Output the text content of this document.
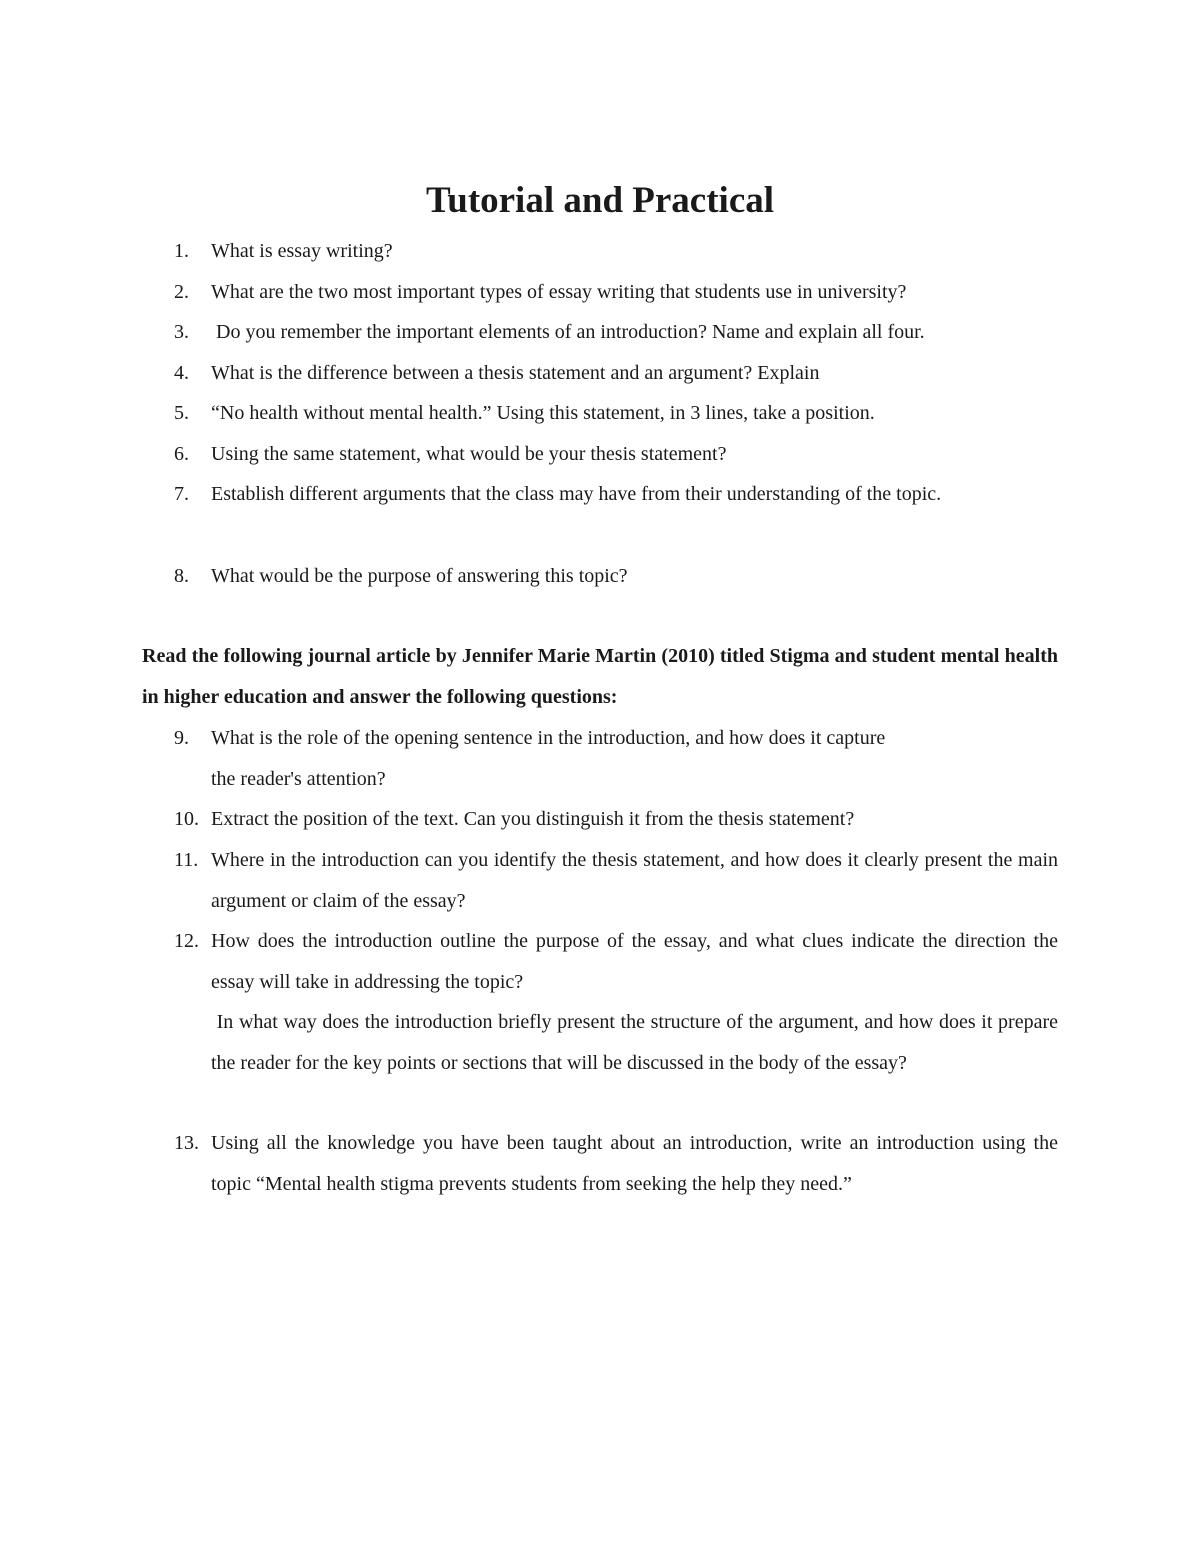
Tutorial and Practical
1.	What is essay writing?
2.	What are the two most important types of essay writing that students use in university?
3.	Do you remember the important elements of an introduction? Name and explain all four.
4.	What is the difference between a thesis statement and an argument? Explain
5.	“No health without mental health.” Using this statement, in 3 lines, take a position.
6.	Using the same statement, what would be your thesis statement?
7.	Establish different arguments that the class may have from their understanding of the topic.
8.	What would be the purpose of answering this topic?

Read the following journal article by Jennifer Marie Martin (2010) titled Stigma and student mental health in higher education and answer the following questions:

9.	What is the role of the opening sentence in the introduction, and how does it capture

the reader's attention?

10. Extract the position of the text. Can you distinguish it from the thesis statement?
11. Where in the introduction can you identify the thesis statement, and how does it clearly present the main argument or claim of the essay?
12. How does the introduction outline the purpose of the essay, and what clues indicate the direction the essay will take in addressing the topic?

In what way does the introduction briefly present the structure of the argument, and how does it prepare the reader for the key points or sections that will be discussed in the body of the essay?

13. Using all the knowledge you have been taught about an introduction, write an introduction using the topic “Mental health stigma prevents students from seeking the help they need.”
